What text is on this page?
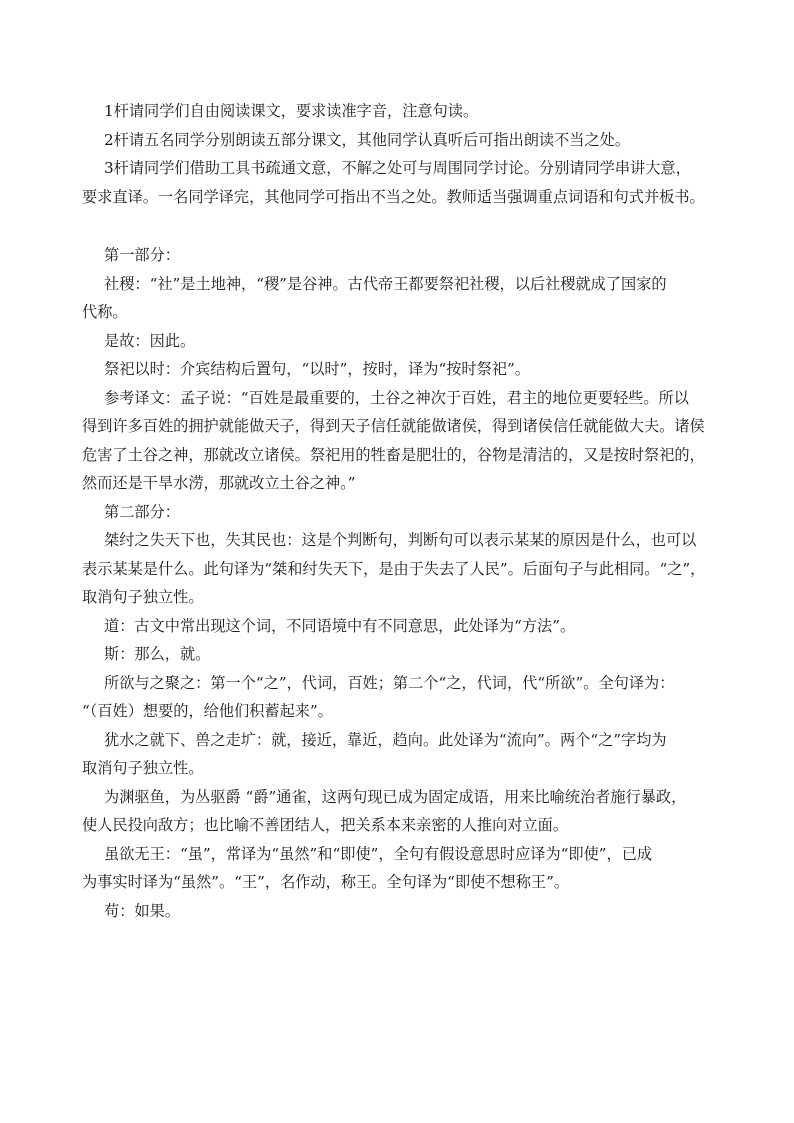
1杆请同学们自由阅读课文，要求读准字音，注意句读。

2杆请五名同学分别朗读五部分课文，其他同学认真听后可指出朗读不当之处。

3杆请同学们借助工具书疏通文意，不解之处可与周围同学讨论。分别请同学串讲大意，

要求直译。一名同学译完，其他同学可指出不当之处。教师适当强调重点词语和句式并板书。

第一部分：

社稷：“社”是土地神，“稷”是谷神。古代帝王都要祭祀社稷，以后社稷就成了国家的

代称。

是故：因此。

祭祀以时：介宾结构后置句，“以时”，按时，译为“按时祭祀”。

参考译文：孟子说：“百姓是最重要的，土谷之神次于百姓，君主的地位更要轻些。所以

得到许多百姓的拥护就能做天子，得到天子信任就能做诸侯，得到诸侯信任就能做大夫。诸侯

危害了土谷之神，那就改立诸侯。祭祀用的牲畜是肥壮的，谷物是清洁的，又是按时祭祀的，

然而还是干旱水涝，那就改立土谷之神。”

第二部分：

桀纣之失天下也，失其民也：这是个判断句，判断句可以表示某某的原因是什么，也可以

表示某某是什么。此句译为“桀和纣失天下，是由于失去了人民”。后面句子与此相同。“之”，

取消句子独立性。

道：古文中常出现这个词，不同语境中有不同意思，此处译为“方法”。

斯：那么，就。

所欲与之聚之：第一个“之”，代词，百姓；第二个“之，代词，代“所欲”。全句译为：

“（百姓）想要的，给他们积蓄起来”。

犹水之就下、兽之走圹：就，接近，靠近，趋向。此处译为“流向”。两个“之”字均为

取消句子独立性。

为渊驱鱼，为丛驱爵 “爵”通雀，这两句现已成为固定成语，用来比喻统治者施行暴政，

使人民投向敌方；也比喻不善团结人，把关系本来亲密的人推向对立面。

虽欲无王：“虽”，常译为“虽然”和“即使”，全句有假设意思时应译为“即使”，已成

为事实时译为“虽然”。“王”，名作动，称王。全句译为“即使不想称王”。

苟：如果。
